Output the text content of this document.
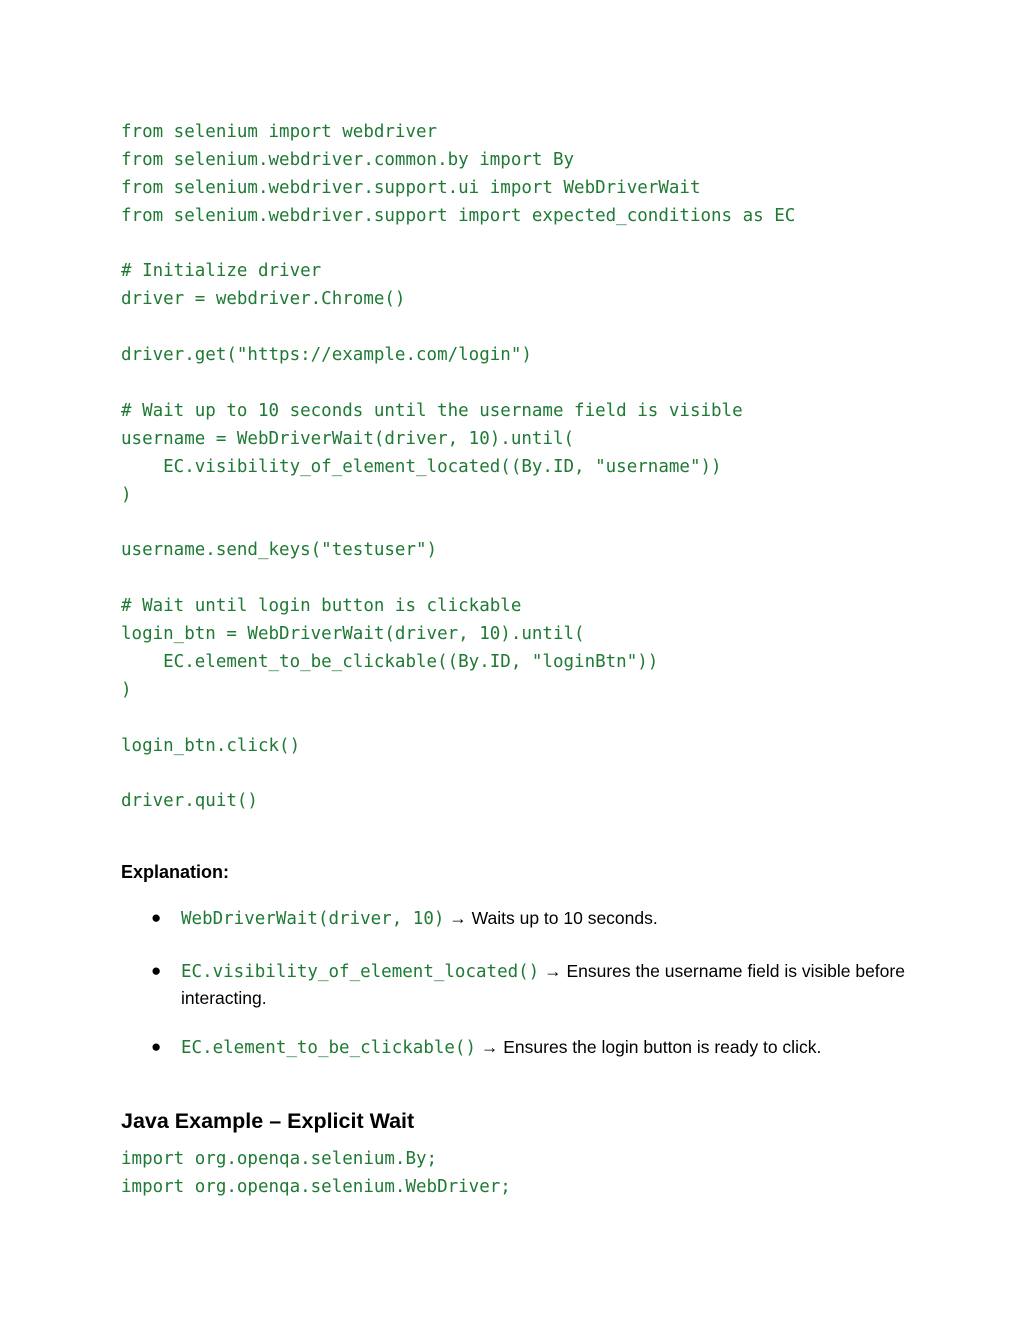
from selenium import webdriver
from selenium.webdriver.common.by import By
from selenium.webdriver.support.ui import WebDriverWait
from selenium.webdriver.support import expected_conditions as EC
# Initialize driver
driver = webdriver.Chrome()
driver.get("https://example.com/login")
# Wait up to 10 seconds until the username field is visible
username = WebDriverWait(driver, 10).until(
EC.visibility_of_element_located((By.ID, "username"))
)
username.send_keys("testuser")
# Wait until login button is clickable
login_btn = WebDriverWait(driver, 10).until(
EC.element_to_be_clickable((By.ID, "loginBtn"))
)
login_btn.click()
driver.quit()
Explanation:
● WebDriverWait(driver, 10) → Waits up to 10 seconds.
● EC.visibility_of_element_located() → Ensures the username field is visible before interacting.
● EC.element_to_be_clickable() → Ensures the login button is ready to click.
Java Example – Explicit Wait
import org.openqa.selenium.By;
import org.openqa.selenium.WebDriver;
